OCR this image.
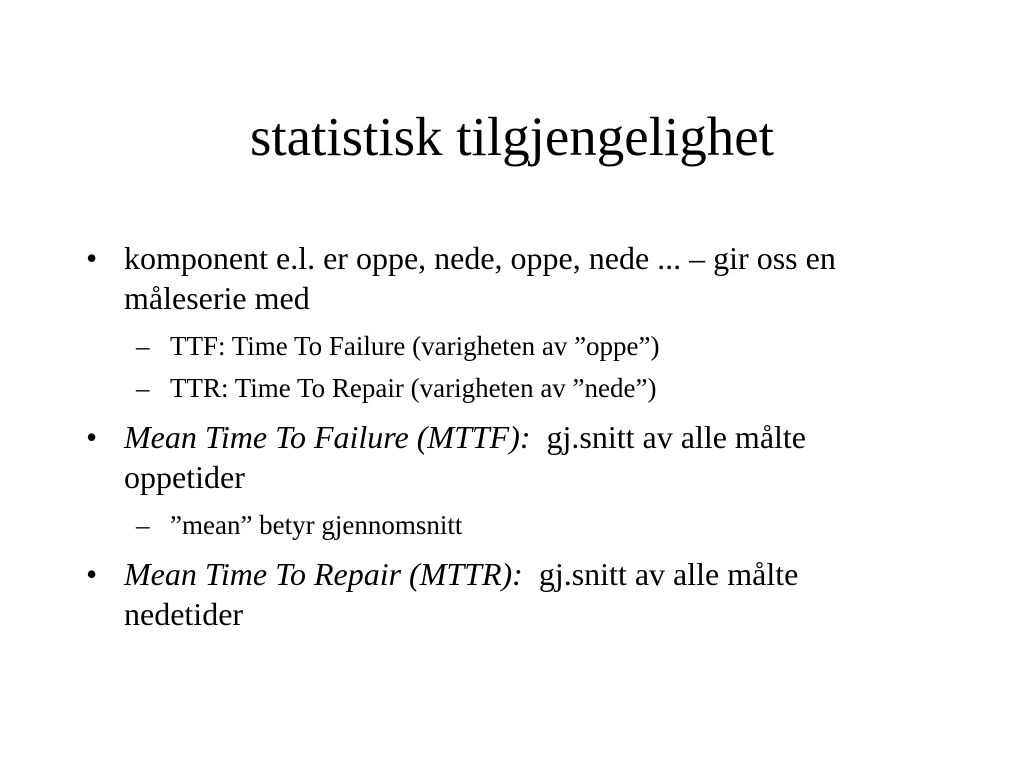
statistisk tilgjengelighet
• komponent e.l. er oppe, nede, oppe, nede ... – gir oss en måleserie med
– TTF: Time To Failure (varigheten av ”oppe”)
– TTR: Time To Repair (varigheten av ”nede”)
• Mean Time To Failure (MTTF):  gj.snitt av alle målte oppetider
– ”mean” betyr gjennomsnitt
• Mean Time To Repair (MTTR):  gj.snitt av alle målte nedetider
